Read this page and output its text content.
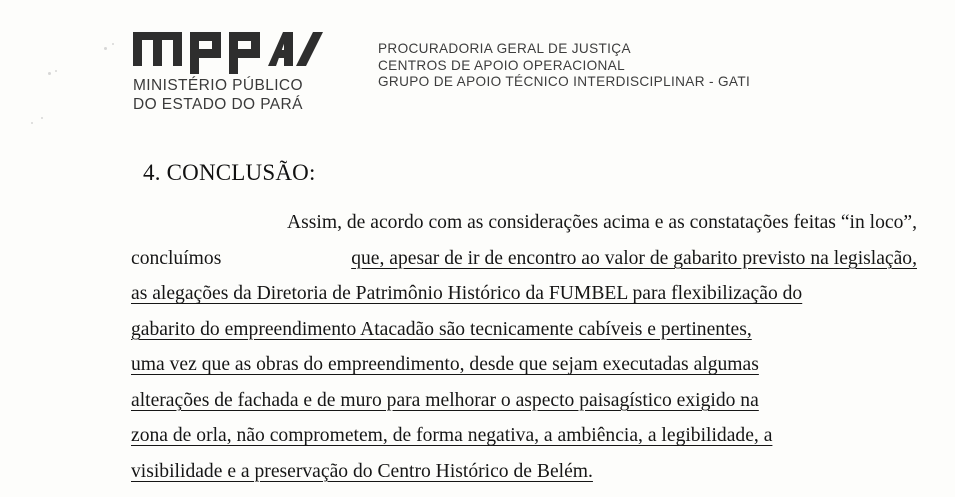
MINISTÉRIO PÚBLICO
DO ESTADO DO PARÁ
PROCURADORIA GERAL DE JUSTIÇA
CENTROS DE APOIO OPERACIONAL
GRUPO DE APOIO TÉCNICO INTERDISCIPLINAR - GATI
4. CONCLUSÃO:
Assim, de acordo com as considerações acima e as constatações feitas “in loco”,
concluímos	que, apesar de ir de encontro ao valor de gabarito previsto na legislação,
as alegações da Diretoria de Patrimônio Histórico da FUMBEL para flexibilização do
gabarito do empreendimento Atacadão são tecnicamente cabíveis e pertinentes,
uma vez que as obras do empreendimento, desde que sejam executadas algumas
alterações de fachada e de muro para melhorar o aspecto paisagístico exigido na
zona de orla, não comprometem, de forma negativa, a ambiência, a legibilidade, a
visibilidade e a preservação do Centro Histórico de Belém.
